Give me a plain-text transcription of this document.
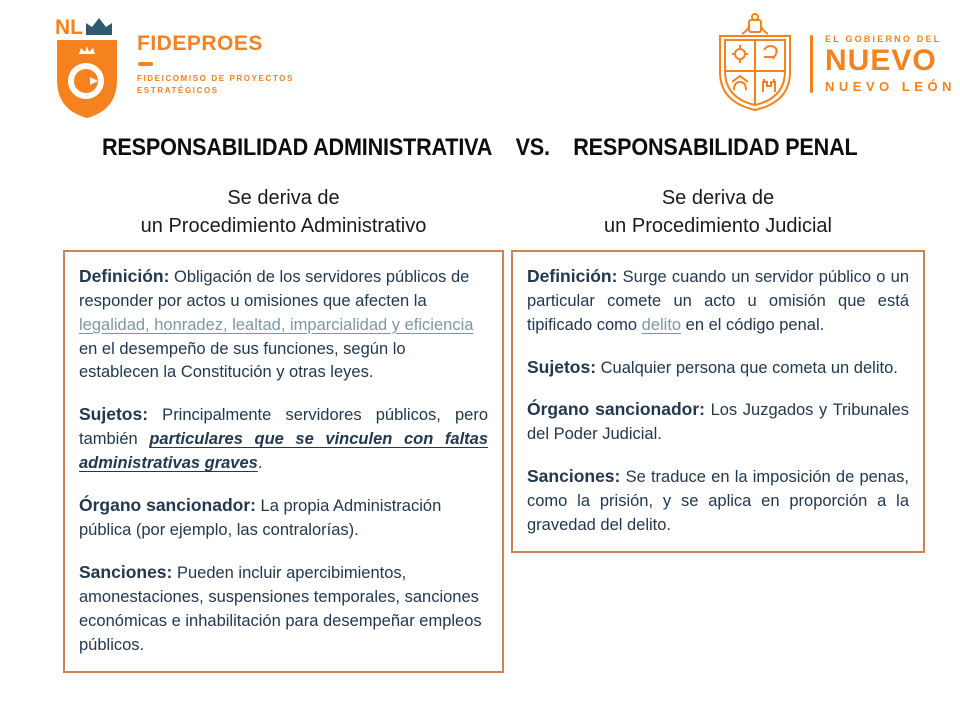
NL
FIDEPROES
FIDEICOMISO DE PROYECTOS
ESTRATÉGICOS
EL GOBIERNO DEL
NUEVO
NUEVO LEÓN
RESPONSABILIDAD ADMINISTRATIVA VS. RESPONSABILIDAD PENAL
Se deriva de
un Procedimiento Administrativo

Definición: Obligación de los servidores públicos de responder por actos u omisiones que afecten la legalidad, honradez, lealtad, imparcialidad y eficiencia en el desempeño de sus funciones, según lo establecen la Constitución y otras leyes.

Sujetos: Principalmente servidores públicos, pero también particulares que se vinculen con faltas administrativas graves.

Órgano sancionador: La propia Administración pública (por ejemplo, las contralorías).

Sanciones: Pueden incluir apercibimientos, amonestaciones, suspensiones temporales, sanciones económicas e inhabilitación para desempeñar empleos públicos.

Se deriva de
un Procedimiento Judicial

Definición: Surge cuando un servidor público o un particular comete un acto u omisión que está tipificado como delito en el código penal.

Sujetos: Cualquier persona que cometa un delito.

Órgano sancionador: Los Juzgados y Tribunales del Poder Judicial.

Sanciones: Se traduce en la imposición de penas, como la prisión, y se aplica en proporción a la gravedad del delito.
